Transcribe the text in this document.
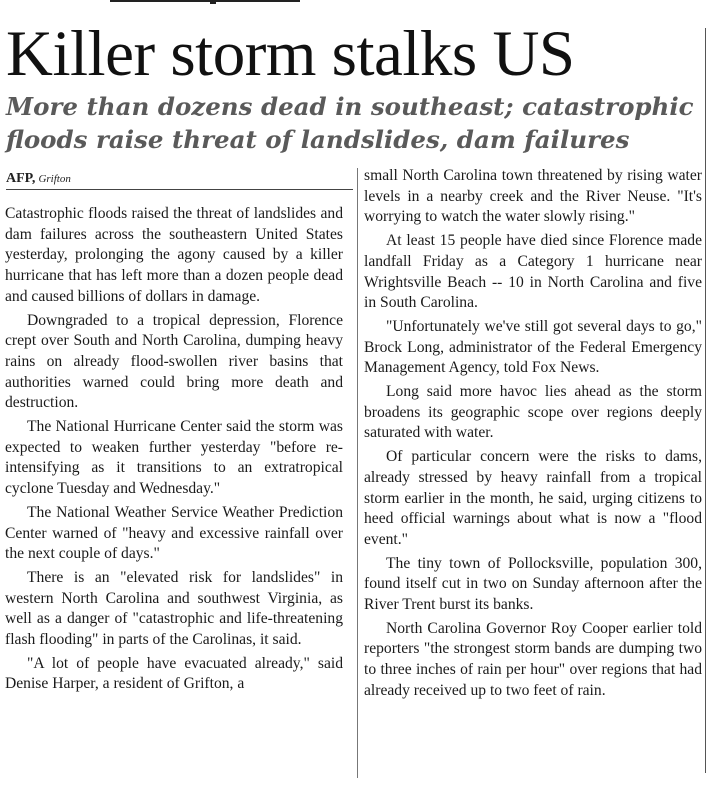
Killer storm stalks US
More than dozens dead in southeast; catastrophic floods raise threat of landslides, dam failures
AFP, Grifton

Catastrophic floods raised the threat of landslides and dam failures across the southeastern United States yesterday, prolonging the agony caused by a killer hurricane that has left more than a dozen people dead and caused billions of dollars in damage.

Downgraded to a tropical depression, Florence crept over South and North Carolina, dumping heavy rains on already flood-swollen river basins that authorities warned could bring more death and destruction.

The National Hurricane Center said the storm was expected to weaken further yesterday "before re-intensifying as it transitions to an extratropical cyclone Tuesday and Wednesday."

The National Weather Service Weather Prediction Center warned of "heavy and excessive rainfall over the next couple of days."

There is an "elevated risk for landslides" in western North Carolina and southwest Virginia, as well as a danger of "catastrophic and life-threatening flash flooding" in parts of the Carolinas, it said.

"A lot of people have evacuated already," said Denise Harper, a resident of Grifton, a

small North Carolina town threatened by rising water levels in a nearby creek and the River Neuse. "It's worrying to watch the water slowly rising."

At least 15 people have died since Florence made landfall Friday as a Category 1 hurricane near Wrightsville Beach -- 10 in North Carolina and five in South Carolina.

"Unfortunately we've still got several days to go," Brock Long, administrator of the Federal Emergency Management Agency, told Fox News.

Long said more havoc lies ahead as the storm broadens its geographic scope over regions deeply saturated with water.

Of particular concern were the risks to dams, already stressed by heavy rainfall from a tropical storm earlier in the month, he said, urging citizens to heed official warnings about what is now a "flood event."

The tiny town of Pollocksville, population 300, found itself cut in two on Sunday afternoon after the River Trent burst its banks.

North Carolina Governor Roy Cooper earlier told reporters "the strongest storm bands are dumping two to three inches of rain per hour" over regions that had already received up to two feet of rain.
